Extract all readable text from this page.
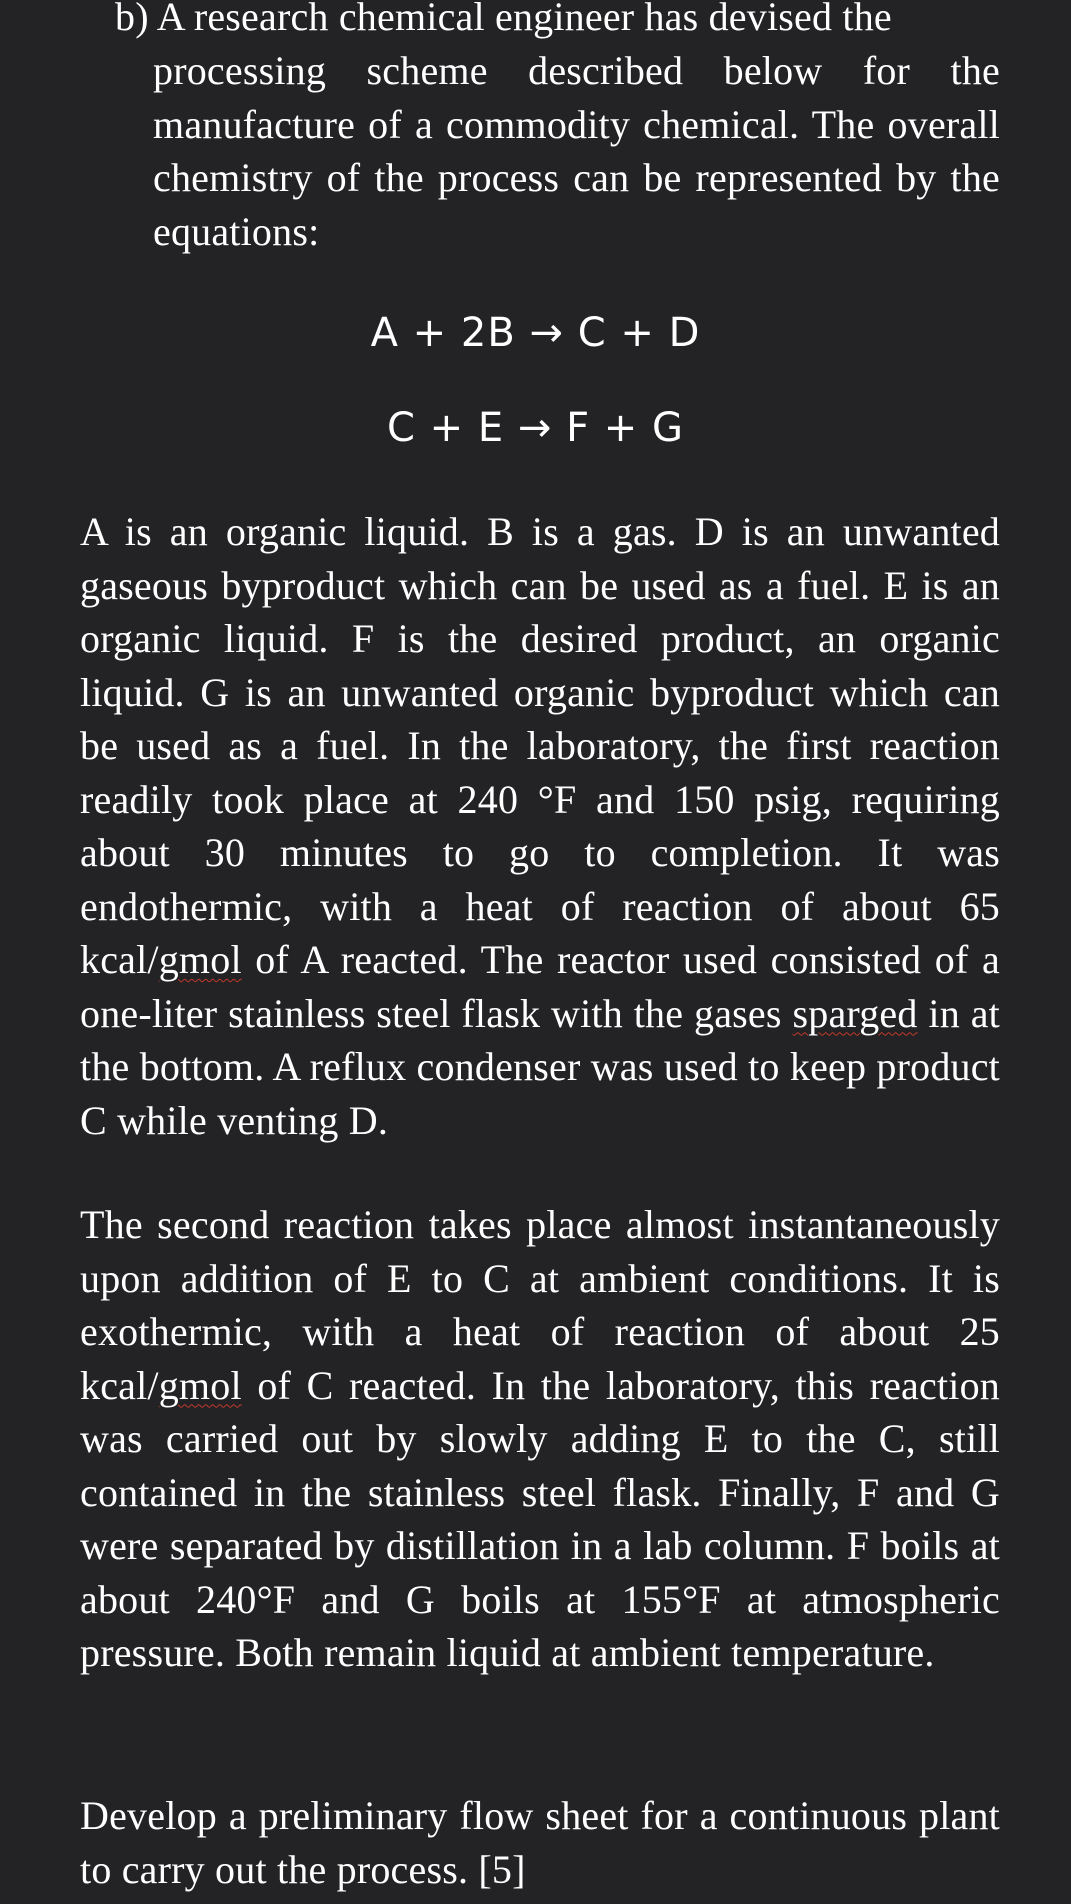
b) A research chemical engineer has devised the

processing scheme described below for the manufacture of a commodity chemical. The overall chemistry of the process can be represented by the equations:

A + 2B → C + D
C + E → F + G

A is an organic liquid. B is a gas. D is an unwanted gaseous byproduct which can be used as a fuel. E is an organic liquid. F is the desired product, an organic liquid. G is an unwanted organic byproduct which can be used as a fuel. In the laboratory, the first reaction readily took place at 240 °F and 150 psig, requiring about 30 minutes to go to completion. It was endothermic, with a heat of reaction of about 65 kcal/gmol of A reacted. The reactor used consisted of a one-liter stainless steel flask with the gases sparged in at the bottom. A reflux condenser was used to keep product C while venting D.

The second reaction takes place almost instantaneously upon addition of E to C at ambient conditions. It is exothermic, with a heat of reaction of about 25 kcal/gmol of C reacted. In the laboratory, this reaction was carried out by slowly adding E to the C, still contained in the stainless steel flask. Finally, F and G were separated by distillation in a lab column. F boils at about 240°F and G boils at 155°F at atmospheric pressure. Both remain liquid at ambient temperature.

Develop a preliminary flow sheet for a continuous plant to carry out the process. [5]
